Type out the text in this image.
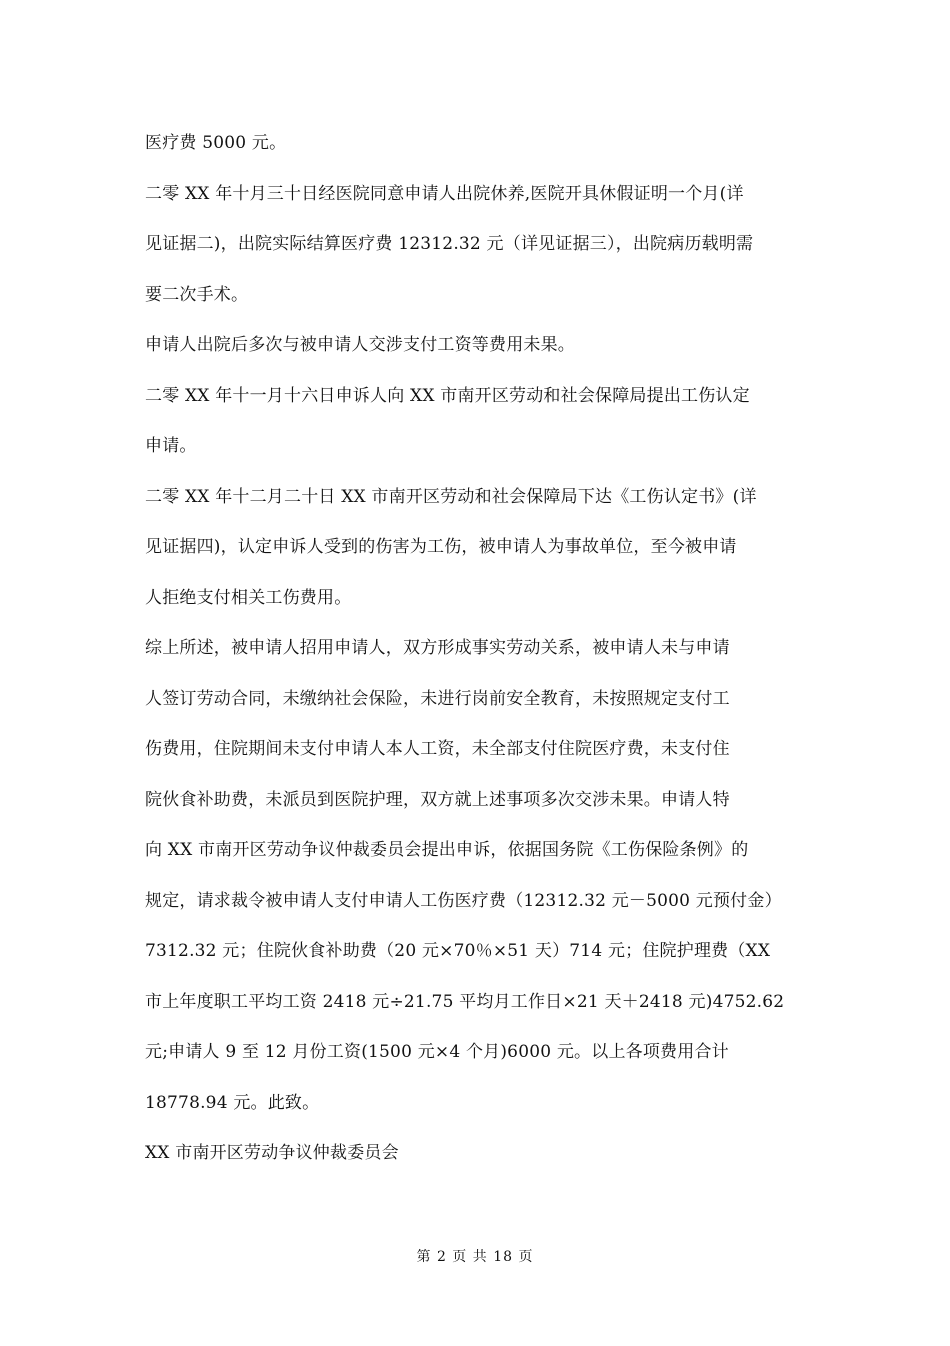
医疗费 5000 元。
二零 XX 年十月三十日经医院同意申请人出院休养,医院开具休假证明一个月(详
见证据二)，出院实际结算医疗费 12312.32 元（详见证据三），出院病历载明需
要二次手术。
申请人出院后多次与被申请人交涉支付工资等费用未果。
二零 XX 年十一月十六日申诉人向 XX 市南开区劳动和社会保障局提出工伤认定
申请。
二零 XX 年十二月二十日 XX 市南开区劳动和社会保障局下达《工伤认定书》(详
见证据四)，认定申诉人受到的伤害为工伤，被申请人为事故单位，至今被申请
人拒绝支付相关工伤费用。
综上所述，被申请人招用申请人，双方形成事实劳动关系，被申请人未与申请
人签订劳动合同，未缴纳社会保险，未进行岗前安全教育，未按照规定支付工
伤费用，住院期间未支付申请人本人工资，未全部支付住院医疗费，未支付住
院伙食补助费，未派员到医院护理，双方就上述事项多次交涉未果。申请人特
向 XX 市南开区劳动争议仲裁委员会提出申诉，依据国务院《工伤保险条例》的
规定，请求裁令被申请人支付申请人工伤医疗费（12312.32 元－5000 元预付金）
7312.32 元；住院伙食补助费（20 元×70％×51 天）714 元；住院护理费（XX
市上年度职工平均工资 2418 元÷21.75 平均月工作日×21 天＋2418 元)4752.62
元;申请人 9 至 12 月份工资(1500 元×4 个月)6000 元。以上各项费用合计
18778.94 元。此致。
XX 市南开区劳动争议仲裁委员会
第 2 页 共 18 页
